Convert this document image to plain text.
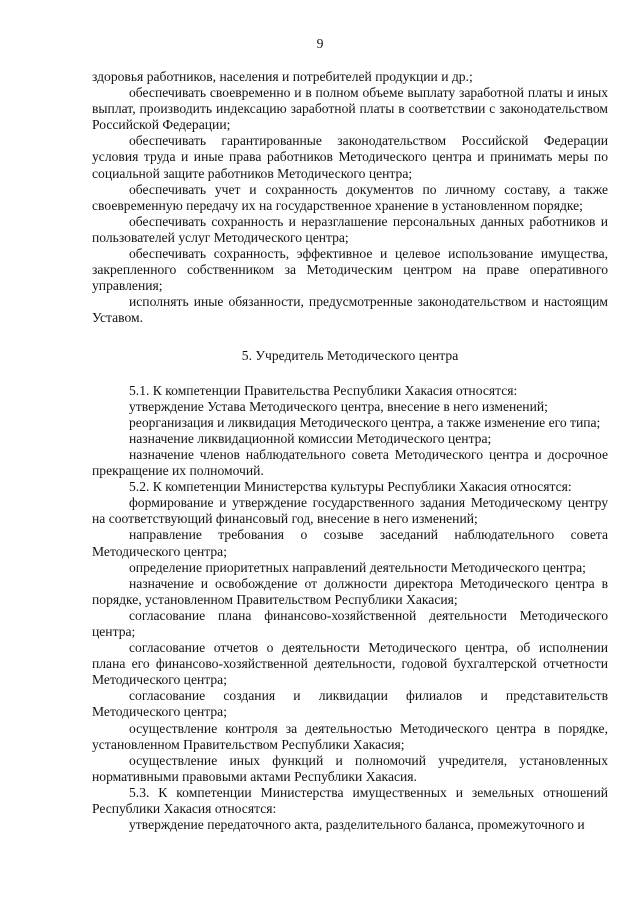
9

здоровья работников, населения и потребителей продукции и др.;

обеспечивать своевременно и в полном объеме выплату заработной платы и иных выплат, производить индексацию заработной платы в соответствии с законодательством Российской Федерации;

обеспечивать гарантированные законодательством Российской Федерации условия труда и иные права работников Методического центра и принимать меры по социальной защите работников Методического центра;

обеспечивать учет и сохранность документов по личному составу, а также своевременную передачу их на государственное хранение в установленном порядке;

обеспечивать сохранность и неразглашение персональных данных работников и пользователей услуг Методического центра;

обеспечивать сохранность, эффективное и целевое использование имущества, закрепленного собственником за Методическим центром на праве оперативного управления;

исполнять иные обязанности, предусмотренные законодательством и настоящим Уставом.

5. Учредитель Методического центра

5.1. К компетенции Правительства Республики Хакасия относятся:

утверждение Устава Методического центра, внесение в него изменений;

реорганизация и ликвидация Методического центра, а также изменение его типа;

назначение ликвидационной комиссии Методического центра;

назначение членов наблюдательного совета Методического центра и досрочное прекращение их полномочий.

5.2. К компетенции Министерства культуры Республики Хакасия относятся:

формирование и утверждение государственного задания Методическому центру на соответствующий финансовый год, внесение в него изменений;

направление требования о созыве заседаний наблюдательного совета Методического центра;

определение приоритетных направлений деятельности Методического центра;

назначение и освобождение от должности директора Методического центра в порядке, установленном Правительством Республики Хакасия;

согласование плана финансово-хозяйственной деятельности Методического центра;

согласование отчетов о деятельности Методического центра, об исполнении плана его финансово-хозяйственной деятельности, годовой бухгалтерской отчетности Методического центра;

согласование создания и ликвидации филиалов и представительств Методического центра;

осуществление контроля за деятельностью Методического центра в порядке, установленном Правительством Республики Хакасия;

осуществление иных функций и полномочий учредителя, установленных нормативными правовыми актами Республики Хакасия.

5.3. К компетенции Министерства имущественных и земельных отношений Республики Хакасия относятся:

утверждение передаточного акта, разделительного баланса, промежуточного и
